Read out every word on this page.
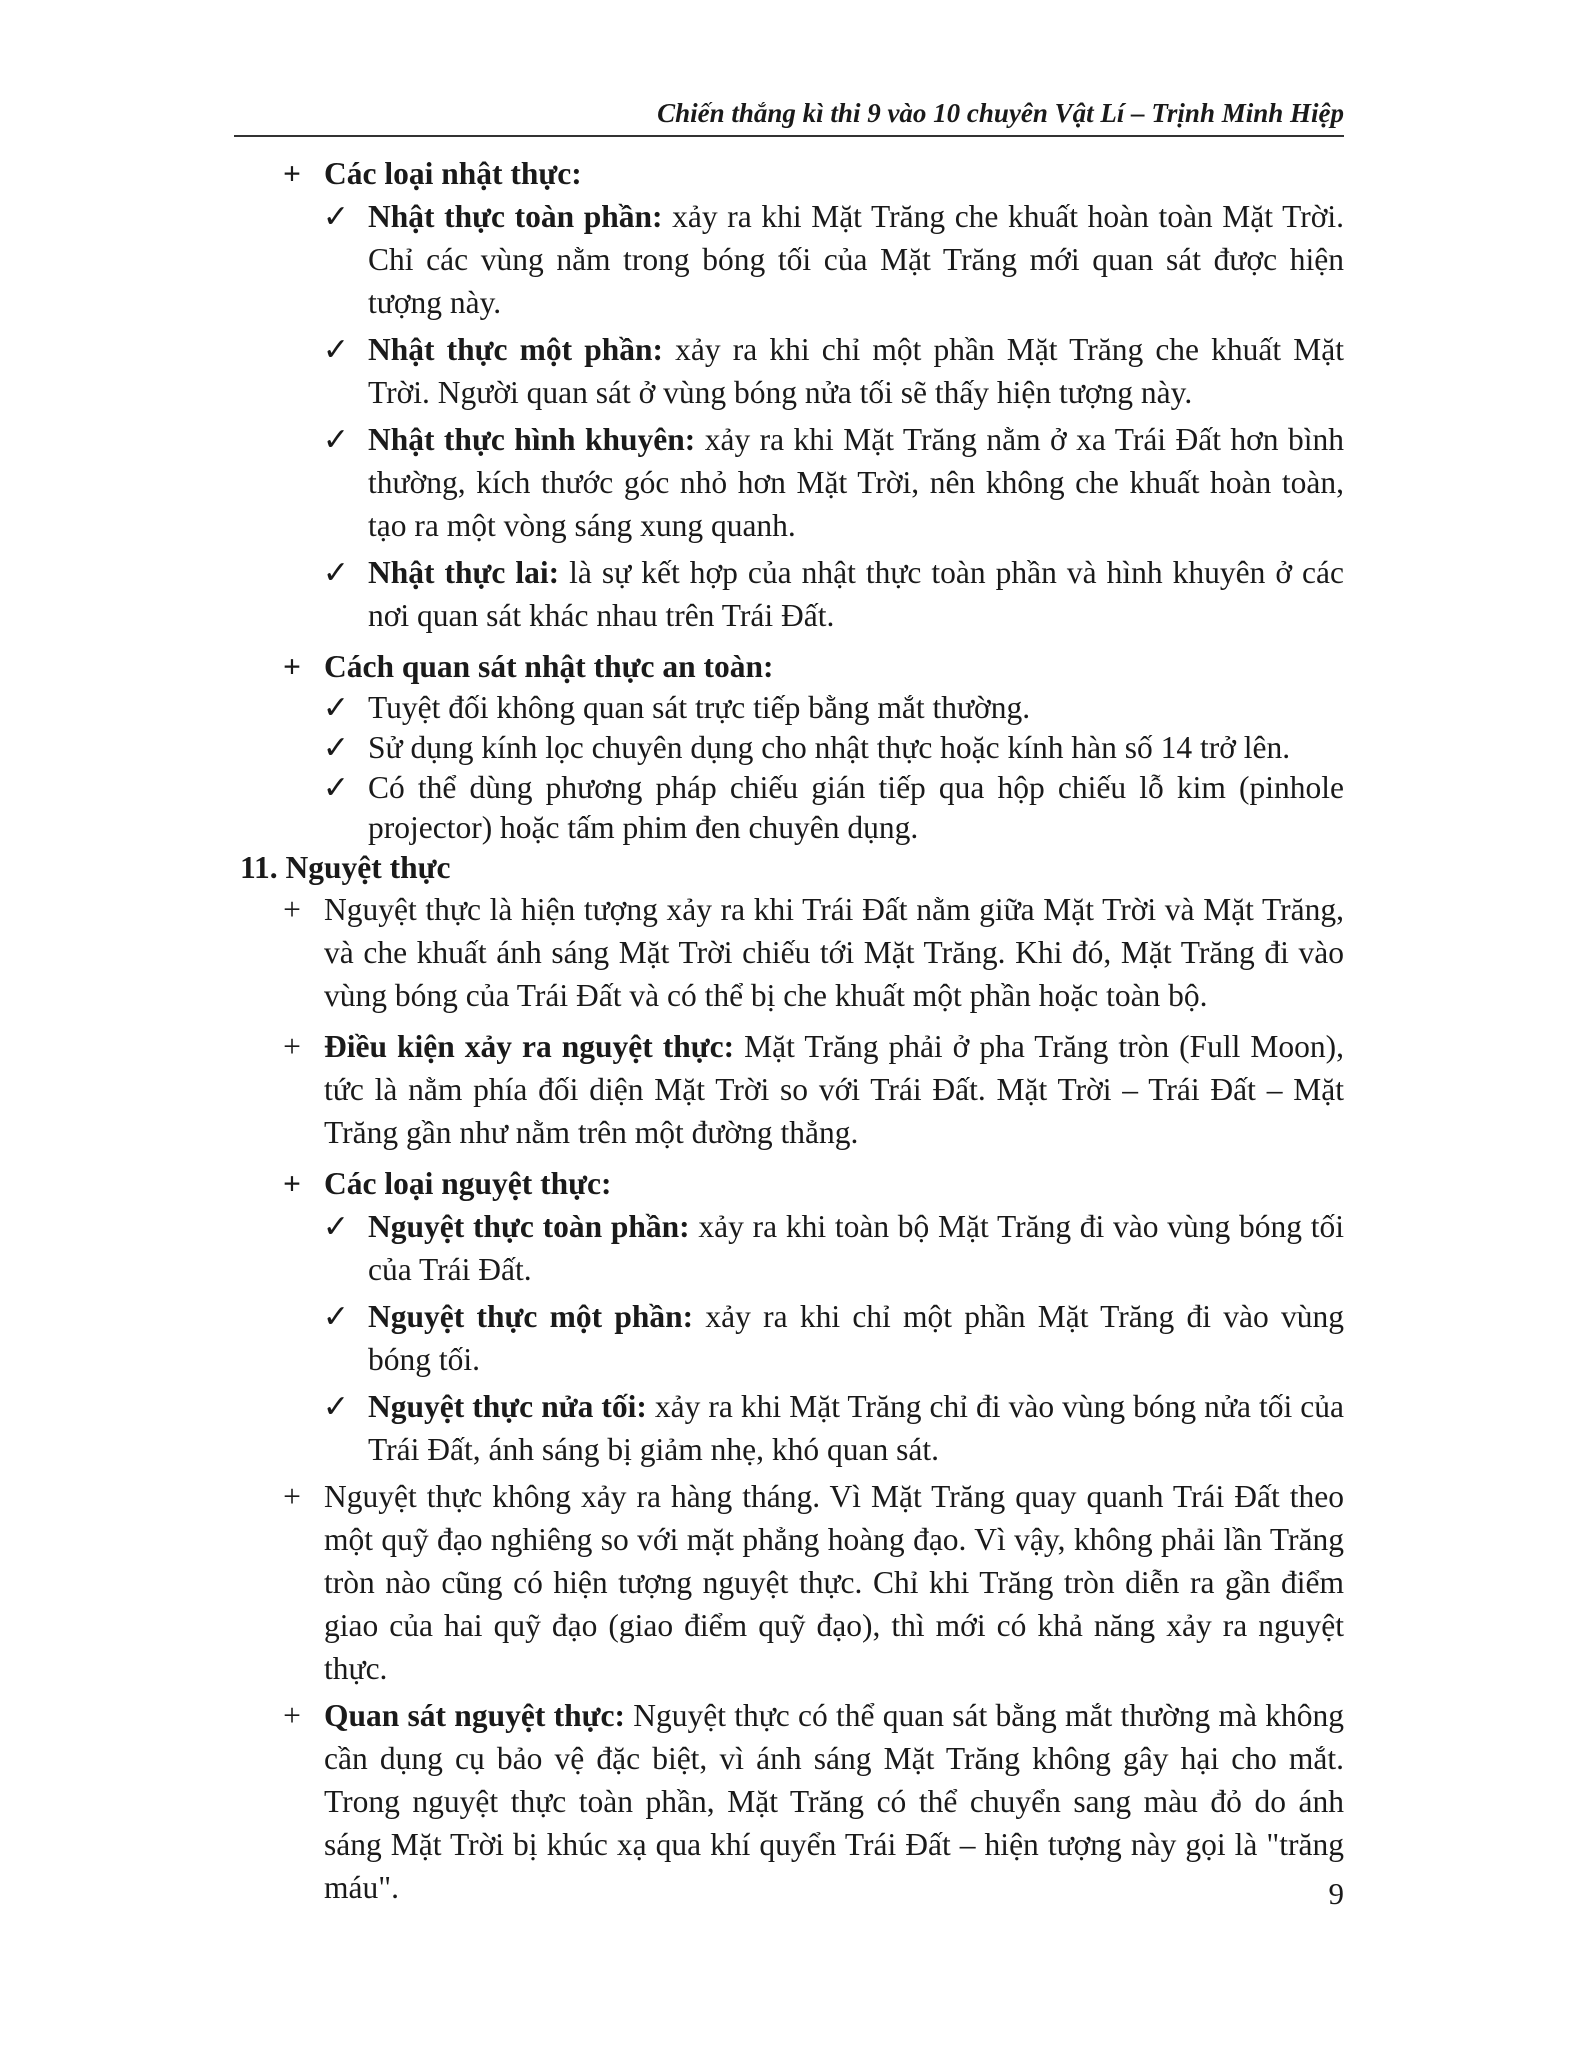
Chiến thắng kì thi 9 vào 10 chuyên Vật Lí – Trịnh Minh Hiệp
+ Các loại nhật thực:
✓ Nhật thực toàn phần: xảy ra khi Mặt Trăng che khuất hoàn toàn Mặt Trời. Chỉ các vùng nằm trong bóng tối của Mặt Trăng mới quan sát được hiện tượng này.
✓ Nhật thực một phần: xảy ra khi chỉ một phần Mặt Trăng che khuất Mặt Trời. Người quan sát ở vùng bóng nửa tối sẽ thấy hiện tượng này.
✓ Nhật thực hình khuyên: xảy ra khi Mặt Trăng nằm ở xa Trái Đất hơn bình thường, kích thước góc nhỏ hơn Mặt Trời, nên không che khuất hoàn toàn, tạo ra một vòng sáng xung quanh.
✓ Nhật thực lai: là sự kết hợp của nhật thực toàn phần và hình khuyên ở các nơi quan sát khác nhau trên Trái Đất.
+ Cách quan sát nhật thực an toàn:
✓ Tuyệt đối không quan sát trực tiếp bằng mắt thường.
✓ Sử dụng kính lọc chuyên dụng cho nhật thực hoặc kính hàn số 14 trở lên.
✓ Có thể dùng phương pháp chiếu gián tiếp qua hộp chiếu lỗ kim (pinhole projector) hoặc tấm phim đen chuyên dụng.
11. Nguyệt thực
+ Nguyệt thực là hiện tượng xảy ra khi Trái Đất nằm giữa Mặt Trời và Mặt Trăng, và che khuất ánh sáng Mặt Trời chiếu tới Mặt Trăng. Khi đó, Mặt Trăng đi vào vùng bóng của Trái Đất và có thể bị che khuất một phần hoặc toàn bộ.
+ Điều kiện xảy ra nguyệt thực: Mặt Trăng phải ở pha Trăng tròn (Full Moon), tức là nằm phía đối diện Mặt Trời so với Trái Đất. Mặt Trời – Trái Đất – Mặt Trăng gần như nằm trên một đường thẳng.
+ Các loại nguyệt thực:
✓ Nguyệt thực toàn phần: xảy ra khi toàn bộ Mặt Trăng đi vào vùng bóng tối của Trái Đất.
✓ Nguyệt thực một phần: xảy ra khi chỉ một phần Mặt Trăng đi vào vùng bóng tối.
✓ Nguyệt thực nửa tối: xảy ra khi Mặt Trăng chỉ đi vào vùng bóng nửa tối của Trái Đất, ánh sáng bị giảm nhẹ, khó quan sát.
+ Nguyệt thực không xảy ra hàng tháng. Vì Mặt Trăng quay quanh Trái Đất theo một quỹ đạo nghiêng so với mặt phẳng hoàng đạo. Vì vậy, không phải lần Trăng tròn nào cũng có hiện tượng nguyệt thực. Chỉ khi Trăng tròn diễn ra gần điểm giao của hai quỹ đạo (giao điểm quỹ đạo), thì mới có khả năng xảy ra nguyệt thực.
+ Quan sát nguyệt thực: Nguyệt thực có thể quan sát bằng mắt thường mà không cần dụng cụ bảo vệ đặc biệt, vì ánh sáng Mặt Trăng không gây hại cho mắt. Trong nguyệt thực toàn phần, Mặt Trăng có thể chuyển sang màu đỏ do ánh sáng Mặt Trời bị khúc xạ qua khí quyển Trái Đất – hiện tượng này gọi là "trăng máu".	9
